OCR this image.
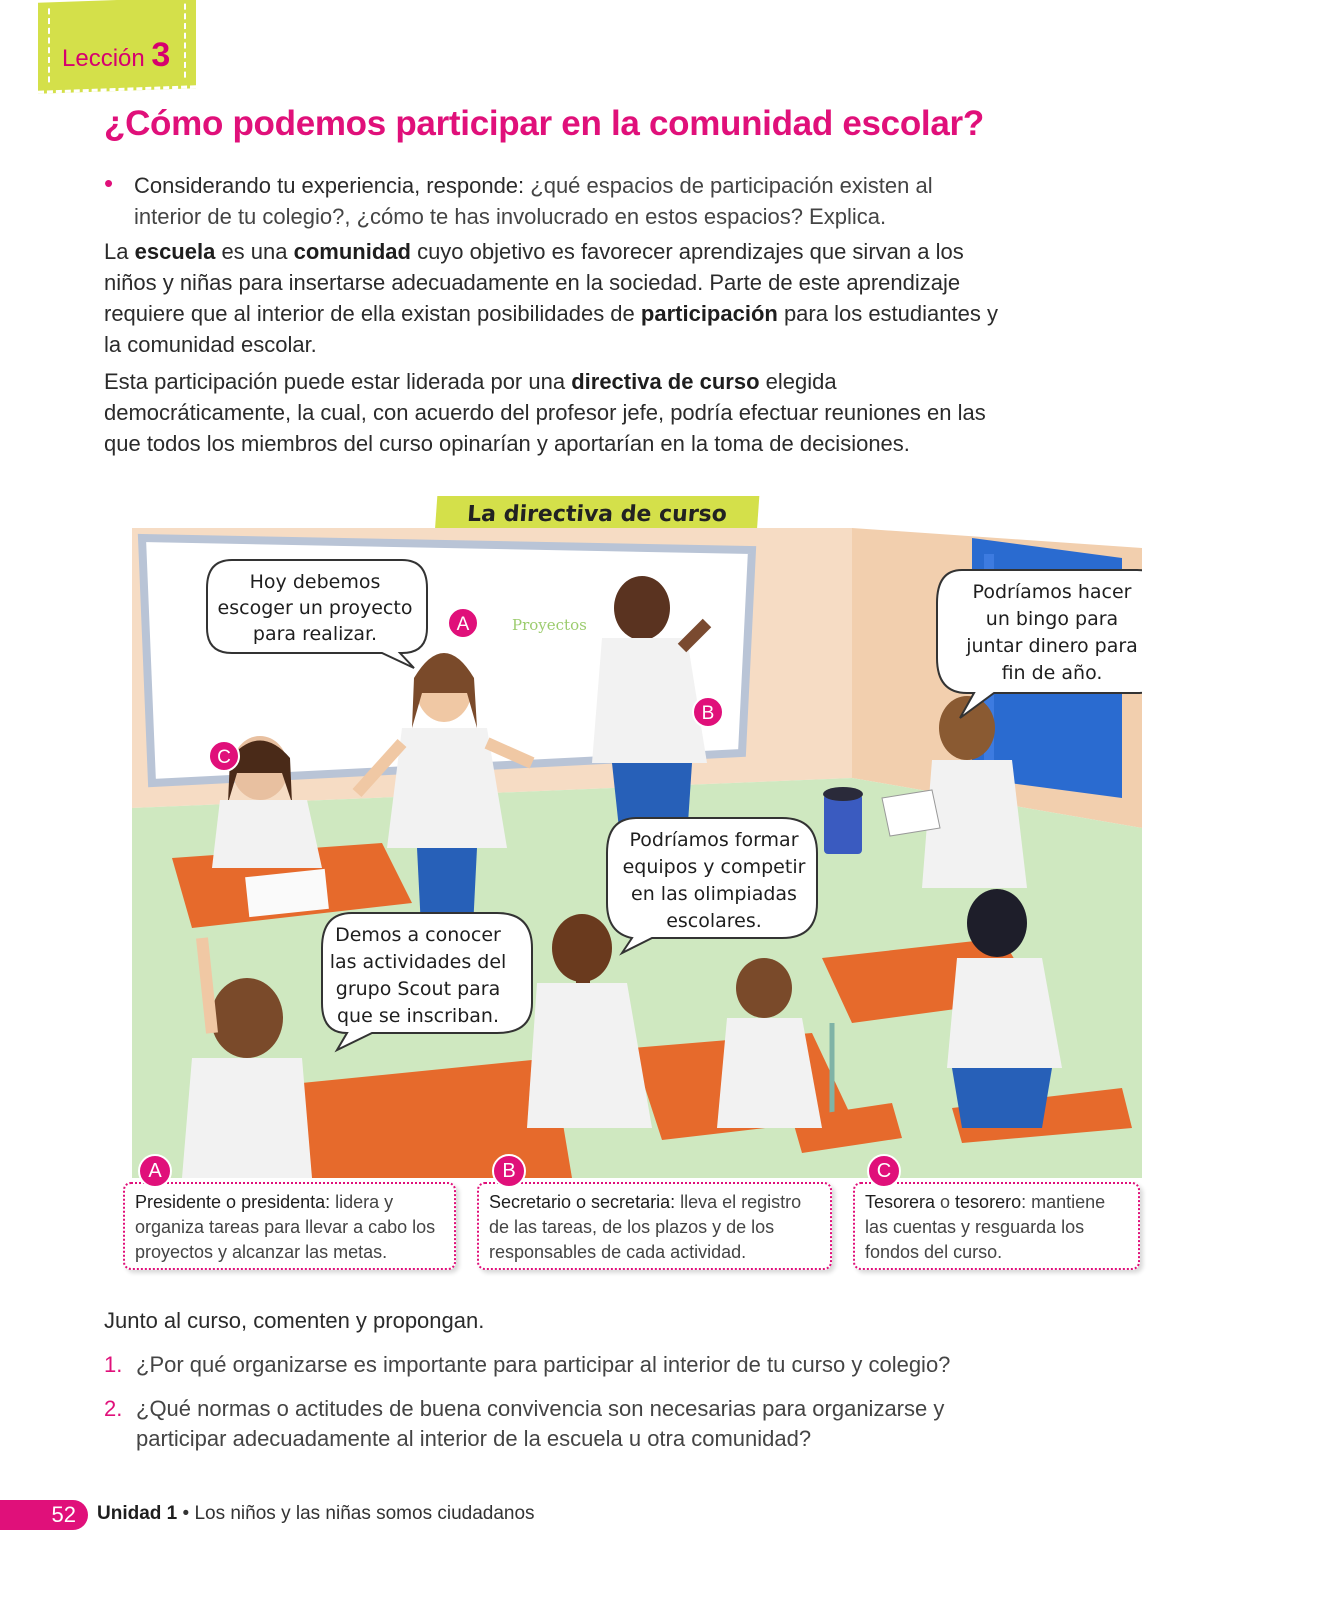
Lección 3
¿Cómo podemos participar en la comunidad escolar?
• Considerando tu experiencia, responde: ¿qué espacios de participación existen al interior de tu colegio?, ¿cómo te has involucrado en estos espacios? Explica.

La escuela es una comunidad cuyo objetivo es favorecer aprendizajes que sirvan a los niños y niñas para insertarse adecuadamente en la sociedad. Parte de este aprendizaje requiere que al interior de ella existan posibilidades de participación para los estudiantes y la comunidad escolar.

Esta participación puede estar liderada por una directiva de curso elegida democráticamente, la cual, con acuerdo del profesor jefe, podría efectuar reuniones en las que todos los miembros del curso opinarían y aportarían en la toma de decisiones.

La directiva de curso
Proyectos
Hoy debemos
escoger un proyecto
para realizar.
Podríamos hacer
un bingo para
juntar dinero para
fin de año.
Podríamos formar
equipos y competir
en las olimpiadas
escolares.
Demos a conocer
las actividades del
grupo Scout para
que se inscriban.
A
B
C
Presidente o presidenta: lidera y organiza tareas para llevar a cabo los proyectos y alcanzar las metas.
A
Secretario o secretaria: lleva el registro de las tareas, de los plazos y de los responsables de cada actividad.
B
Tesorera o tesorero: mantiene las cuentas y resguarda los fondos del curso.
C
Junto al curso, comenten y propongan.
1. ¿Por qué organizarse es importante para participar al interior de tu curso y colegio?
2. ¿Qué normas o actitudes de buena convivencia son necesarias para organizarse y participar adecuadamente al interior de la escuela u otra comunidad?
52	Unidad 1 • Los niños y las niñas somos ciudadanos
